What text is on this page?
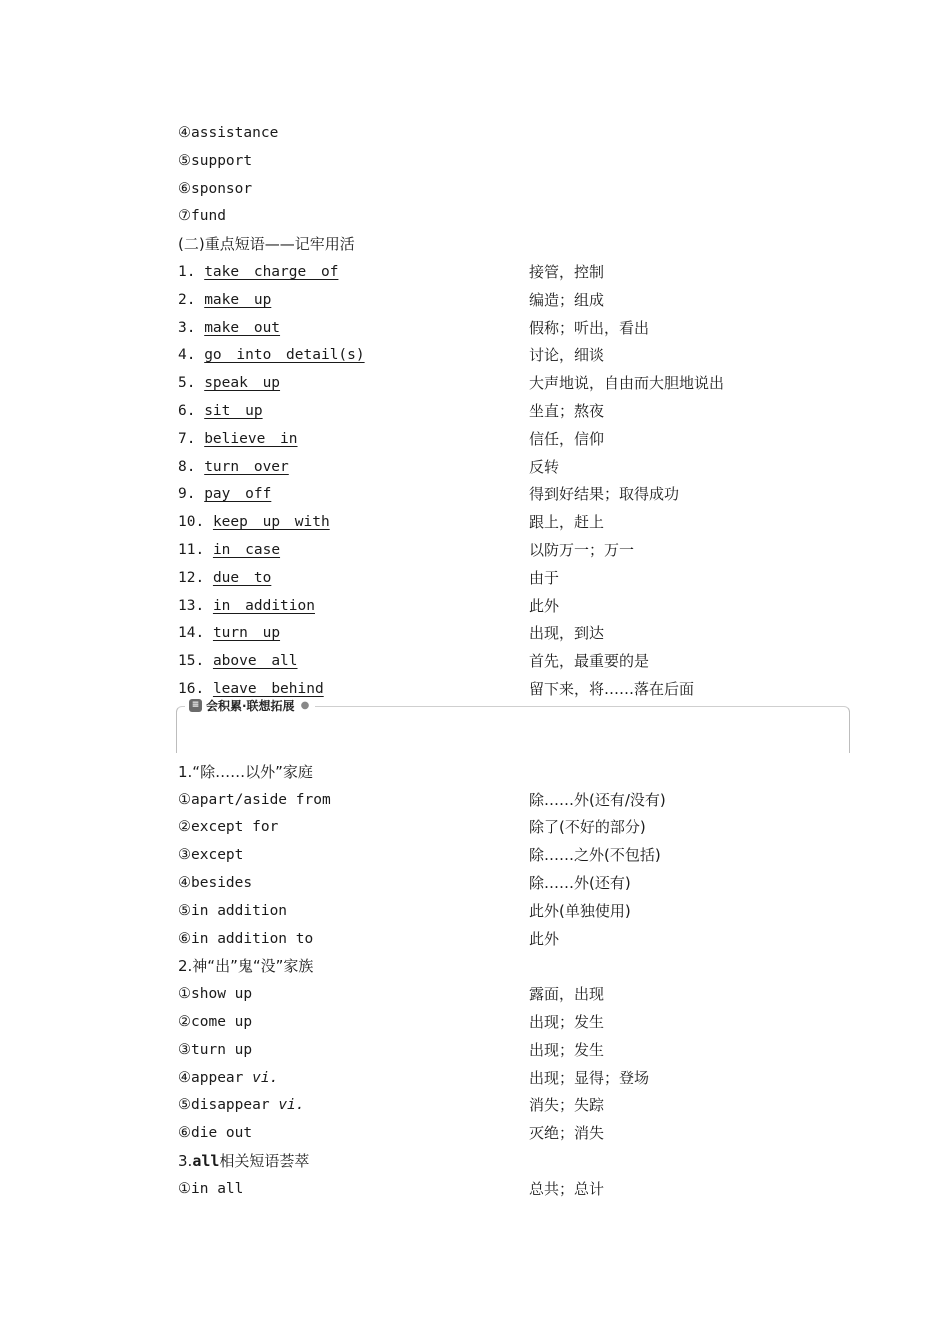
④assistance
⑤support
⑥sponsor
⑦fund
(二)重点短语——记牢用活
1. take charge of	接管，控制
2. make up	编造；组成
3. make out	假称；听出，看出
4. go into detail(s)	讨论，细谈
5. speak up	大声地说，自由而大胆地说出
6. sit up	坐直；熬夜
7. believe in	信任，信仰
8. turn over	反转
9. pay off	得到好结果；取得成功
10. keep up with	跟上，赶上
11. in case	以防万一；万一
12. due to	由于
13. in addition	此外
14. turn up	出现，到达
15. above all	首先，最重要的是
16. leave behind	留下来，将……落在后面
≡ 会积累·联想拓展 ●
1.“除……以外”家庭
①apart/aside from	除……外(还有/没有)
②except for	除了(不好的部分)
③except	除……之外(不包括)
④besides	除……外(还有)
⑤in addition	此外(单独使用)
⑥in addition to	此外
2.神“出”鬼“没”家族
①show up	露面，出现
②come up	出现；发生
③turn up	出现；发生
④appear vi.	出现；显得；登场
⑤disappear vi.	消失；失踪
⑥die out	灭绝；消失
3.all相关短语荟萃
①in all	总共；总计
